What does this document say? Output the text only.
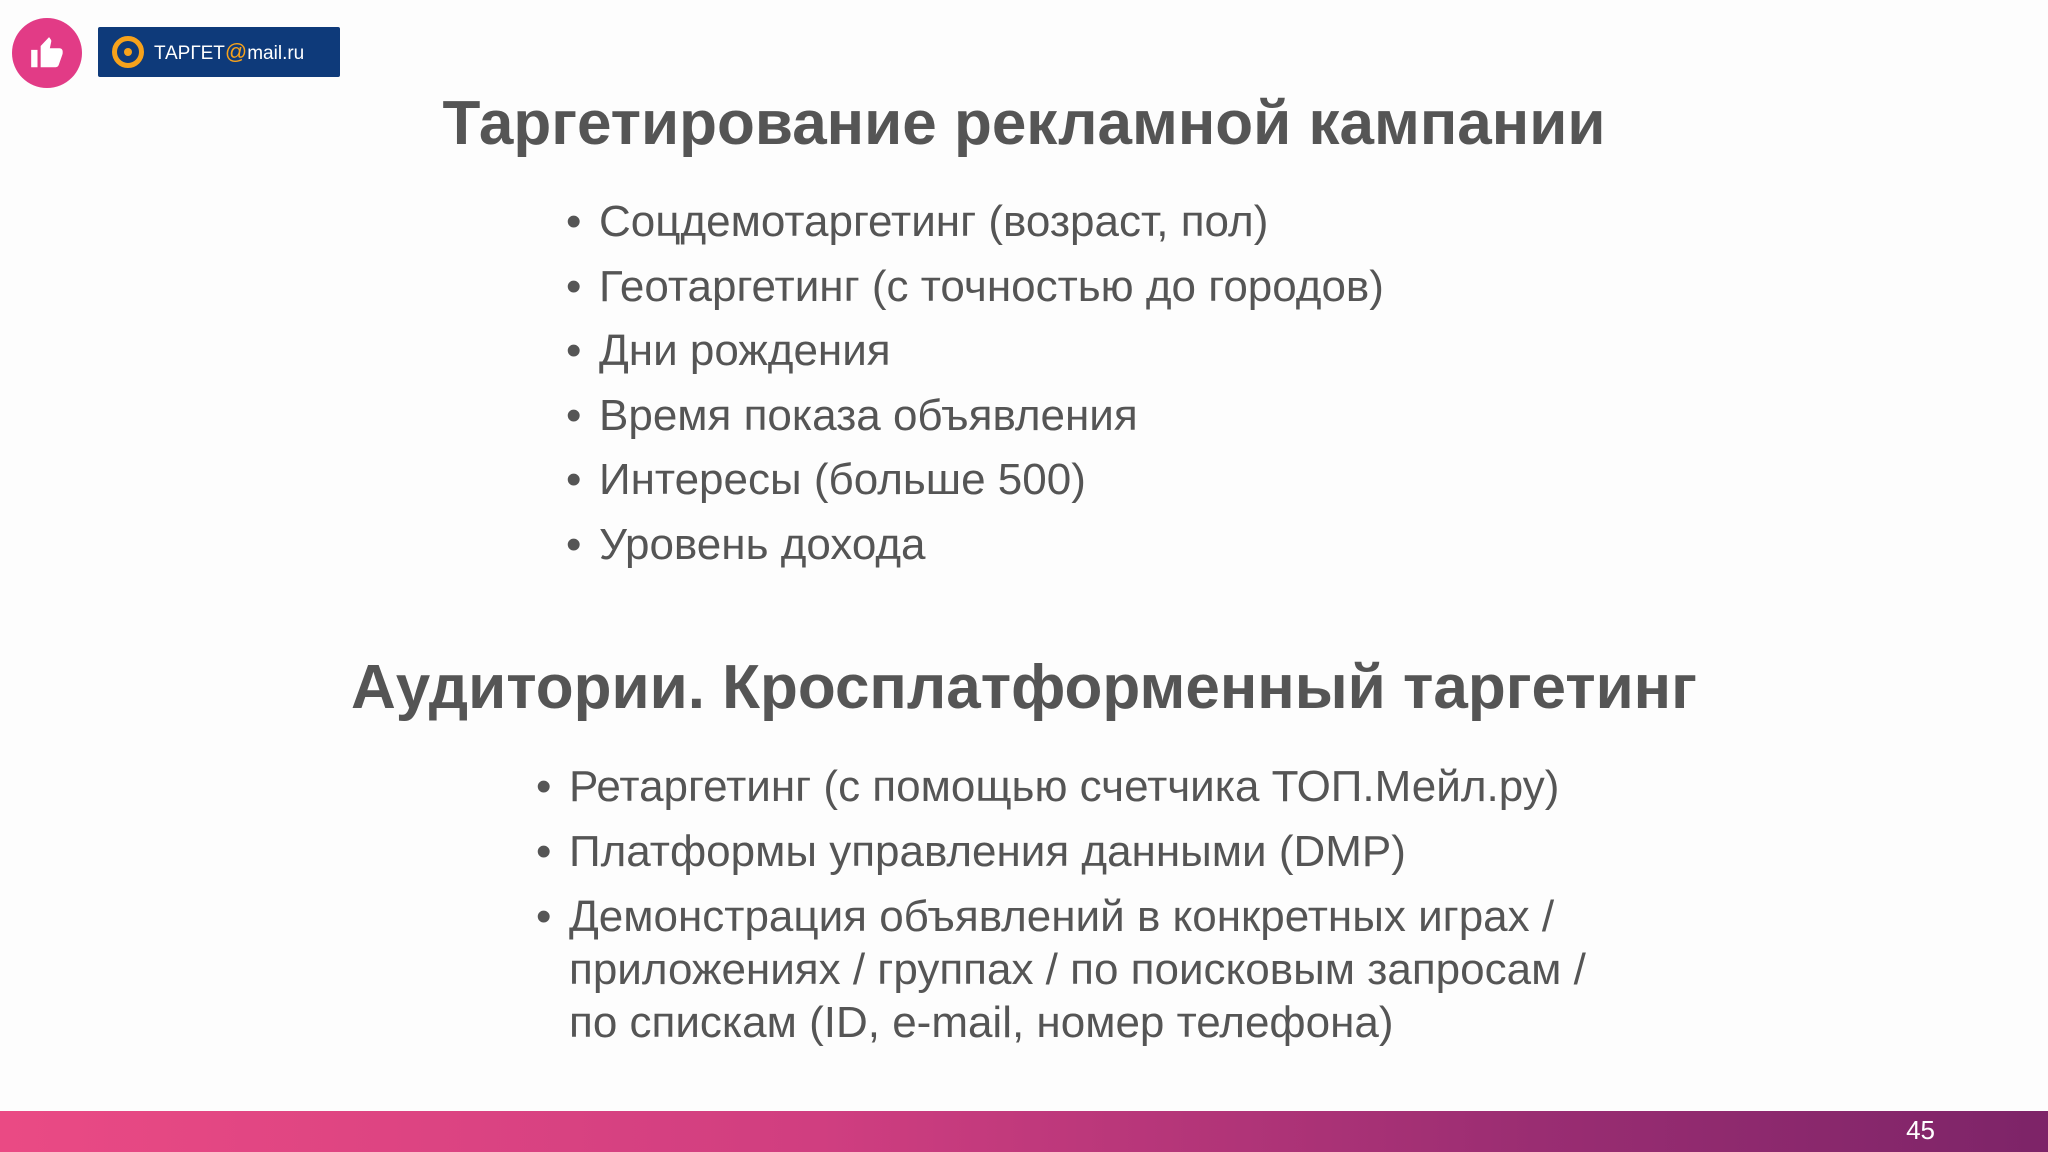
ТАРГЕТ@mail.ru
Таргетирование рекламной кампании
• Соцдемотаргетинг (возраст, пол)
• Геотаргетинг (с точностью до городов)
• Дни рождения
• Время показа объявления
• Интересы (больше 500)
• Уровень дохода
Аудитории. Кросплатформенный таргетинг
• Ретаргетинг (с помощью счетчика ТОП.Мейл.ру)
• Платформы управления данными (DMP)
• Демонстрация объявлений в конкретных играх / приложениях / группах / по поисковым запросам / по спискам (ID, e-mail, номер телефона)
45
